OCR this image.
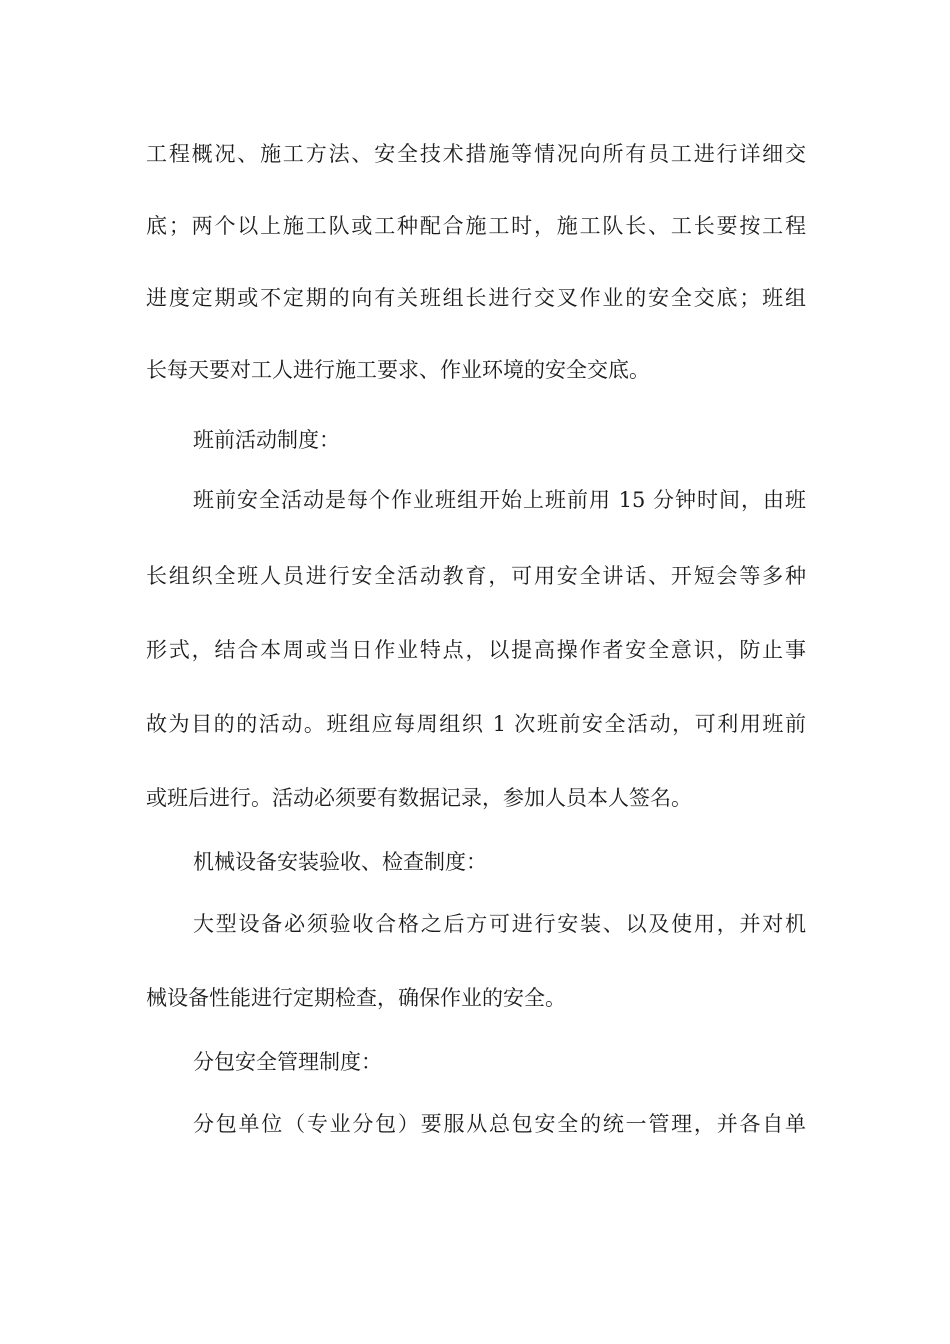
工程概况、施工方法、安全技术措施等情况向所有员工进行详细交
底；两个以上施工队或工种配合施工时，施工队长、工长要按工程
进度定期或不定期的向有关班组长进行交叉作业的安全交底；班组
长每天要对工人进行施工要求、作业环境的安全交底。
班前活动制度：
班前安全活动是每个作业班组开始上班前用 15 分钟时间，由班
长组织全班人员进行安全活动教育，可用安全讲话、开短会等多种
形式，结合本周或当日作业特点，以提高操作者安全意识，防止事
故为目的的活动。班组应每周组织 1 次班前安全活动，可利用班前
或班后进行。活动必须要有数据记录，参加人员本人签名。
机械设备安装验收、检查制度：
大型设备必须验收合格之后方可进行安装、以及使用，并对机
械设备性能进行定期检查，确保作业的安全。
分包安全管理制度：
分包单位（专业分包）要服从总包安全的统一管理，并各自单
